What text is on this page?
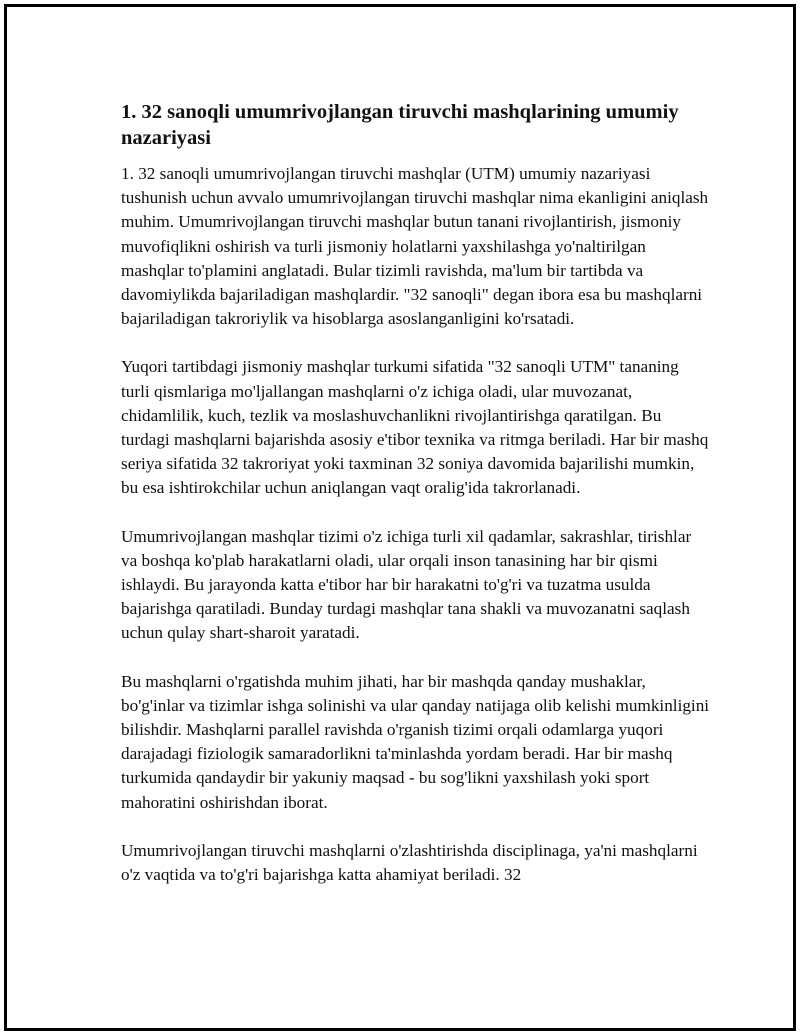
1. 32 sanoqli umumrivojlangan tiruvchi mashqlarining umumiy nazariyasi

1. 32 sanoqli umumrivojlangan tiruvchi mashqlar (UTM) umumiy nazariyasi tushunish uchun avvalo umumrivojlangan tiruvchi mashqlar nima ekanligini aniqlash muhim. Umumrivojlangan tiruvchi mashqlar butun tanani rivojlantirish, jismoniy muvofiqlikni oshirish va turli jismoniy holatlarni yaxshilashga yo'naltirilgan mashqlar to'plamini anglatadi. Bular tizimli ravishda, ma'lum bir tartibda va davomiylikda bajariladigan mashqlardir. "32 sanoqli" degan ibora esa bu mashqlarni bajariladigan takroriylik va hisoblarga asoslanganligini ko'rsatadi.

Yuqori tartibdagi jismoniy mashqlar turkumi sifatida "32 sanoqli UTM" tananing turli qismlariga mo'ljallangan mashqlarni o'z ichiga oladi, ular muvozanat, chidamlilik, kuch, tezlik va moslashuvchanlikni rivojlantirishga qaratilgan. Bu turdagi mashqlarni bajarishda asosiy e'tibor texnika va ritmga beriladi. Har bir mashq seriya sifatida 32 takroriyat yoki taxminan 32 soniya davomida bajarilishi mumkin, bu esa ishtirokchilar uchun aniqlangan vaqt oralig'ida takrorlanadi.

Umumrivojlangan mashqlar tizimi o'z ichiga turli xil qadamlar, sakrashlar, tirishlar va boshqa ko'plab harakatlarni oladi, ular orqali inson tanasining har bir qismi ishlaydi. Bu jarayonda katta e'tibor har bir harakatni to'g'ri va tuzatma usulda bajarishga qaratiladi. Bunday turdagi mashqlar tana shakli va muvozanatni saqlash uchun qulay shart-sharoit yaratadi.

Bu mashqlarni o'rgatishda muhim jihati, har bir mashqda qanday mushaklar, bo'g'inlar va tizimlar ishga solinishi va ular qanday natijaga olib kelishi mumkinligini bilishdir. Mashqlarni parallel ravishda o'rganish tizimi orqali odamlarga yuqori darajadagi fiziologik samaradorlikni ta'minlashda yordam beradi. Har bir mashq turkumida qandaydir bir yakuniy maqsad - bu sog'likni yaxshilash yoki sport mahoratini oshirishdan iborat.

Umumrivojlangan tiruvchi mashqlarni o'zlashtirishda disciplinaga, ya'ni mashqlarni o'z vaqtida va to'g'ri bajarishga katta ahamiyat beriladi. 32
